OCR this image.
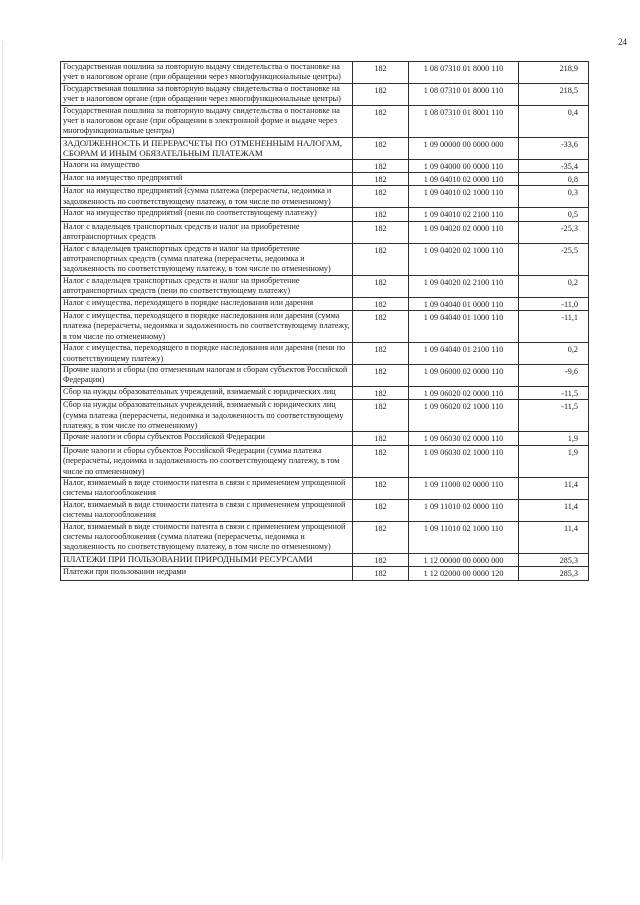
24
Государственная пошлина за повторную выдачу свидетельства о постановке на учет в налоговом органе (при обращении через многофункциональные центры)	182	1 08 07310 01 8000 110	218,9
Государственная пошлина за повторную выдачу свидетельства о постановке на учет в налоговом органе (при обращении через многофункциональные центры)	182	1 08 07310 01 8000 110	218,5
Государственная пошлина за повторную выдачу свидетельства о постановке на учет в налоговом органе (при обращении в электронной форме и выдаче через многофункциональные центры)	182	1 08 07310 01 8001 110	0,4
ЗАДОЛЖЕННОСТЬ И ПЕРЕРАСЧЕТЫ ПО ОТМЕНЕННЫМ НАЛОГАМ, СБОРАМ И ИНЫМ ОБЯЗАТЕЛЬНЫМ ПЛАТЕЖАМ	182	1 09 00000 00 0000 000	-33,6
Налоги на имущество	182	1 09 04000 00 0000 110	-35,4
Налог на имущество предприятий	182	1 09 04010 02 0000 110	0,8
Налог на имущество предприятий (сумма платежа (перерасчеты, недоимка и задолженность по соответствующему платежу, в том числе по отмененному)	182	1 09 04010 02 1000 110	0,3
Налог на имущество предприятий (пени по соответствующему платежу)	182	1 09 04010 02 2100 110	0,5
Налог с владельцев транспортных средств и налог на приобретение автотранспортных средств	182	1 09 04020 02 0000 110	-25,3
Налог с владельцев транспортных средств и налог на приобретение автотранспортных средств (сумма платежа (перерасчеты, недоимка и задолженность по соответствующему платежу, в том числе по отмененному)	182	1 09 04020 02 1000 110	-25,5
Налог с владельцев транспортных средств и налог на приобретение автотранспортных средств (пени по соответствующему платежу)	182	1 09 04020 02 2100 110	0,2
Налог с имущества, переходящего в порядке наследования или дарения	182	1 09 04040 01 0000 110	-11,0
Налог с имущества, переходящего в порядке наследования или дарения (сумма платежа (перерасчеты, недоимка и задолженность по соответствующему платежу, в том числе по отмененному)	182	1 09 04040 01 1000 110	-11,1
Налог с имущества, переходящего в порядке наследования или дарения (пени по соответствующему платежу)	182	1 09 04040 01 2100 110	0,2
Прочие налоги и сборы (по отмененным налогам и сборам субъектов Российской Федерации)	182	1 09 06000 02 0000 110	-9,6
Сбор на нужды образовательных учреждений, взимаемый с юридических лиц	182	1 09 06020 02 0000 110	-11,5
Сбор на нужды образовательных учреждений, взимаемый с юридических лиц (сумма платежа (перерасчеты, недоимка и задолженность по соответствующему платежу, в том числе по отмененному)	182	1 09 06020 02 1000 110	-11,5
Прочие налоги и сборы субъектов Российской Федерации	182	1 09 06030 02 0000 110	1,9
Прочие налоги и сборы субъектов Российской Федерации (сумма платежа (перерасчеты, недоимка и задолженность по соответствующему платежу, в том числе по отмененному)	182	1 09 06030 02 1000 110	1,9
Налог, взимаемый в виде стоимости патента в связи с применением упрощенной системы налогообложения	182	1 09 11000 02 0000 110	11,4
Налог, взимаемый в виде стоимости патента в связи с применением упрощенной системы налогообложения	182	1 09 11010 02 0000 110	11,4
Налог, взимаемый в виде стоимости патента в связи с применением упрощенной системы налогообложения (сумма платежа (перерасчеты, недоимка и задолженность по соответствующему платежу, в том числе по отмененному)	182	1 09 11010 02 1000 110	11,4
ПЛАТЕЖИ ПРИ ПОЛЬЗОВАНИИ ПРИРОДНЫМИ РЕСУРСАМИ	182	1 12 00000 00 0000 000	285,3
Платежи при пользовании недрами	182	1 12 02000 00 0000 120	285,3
